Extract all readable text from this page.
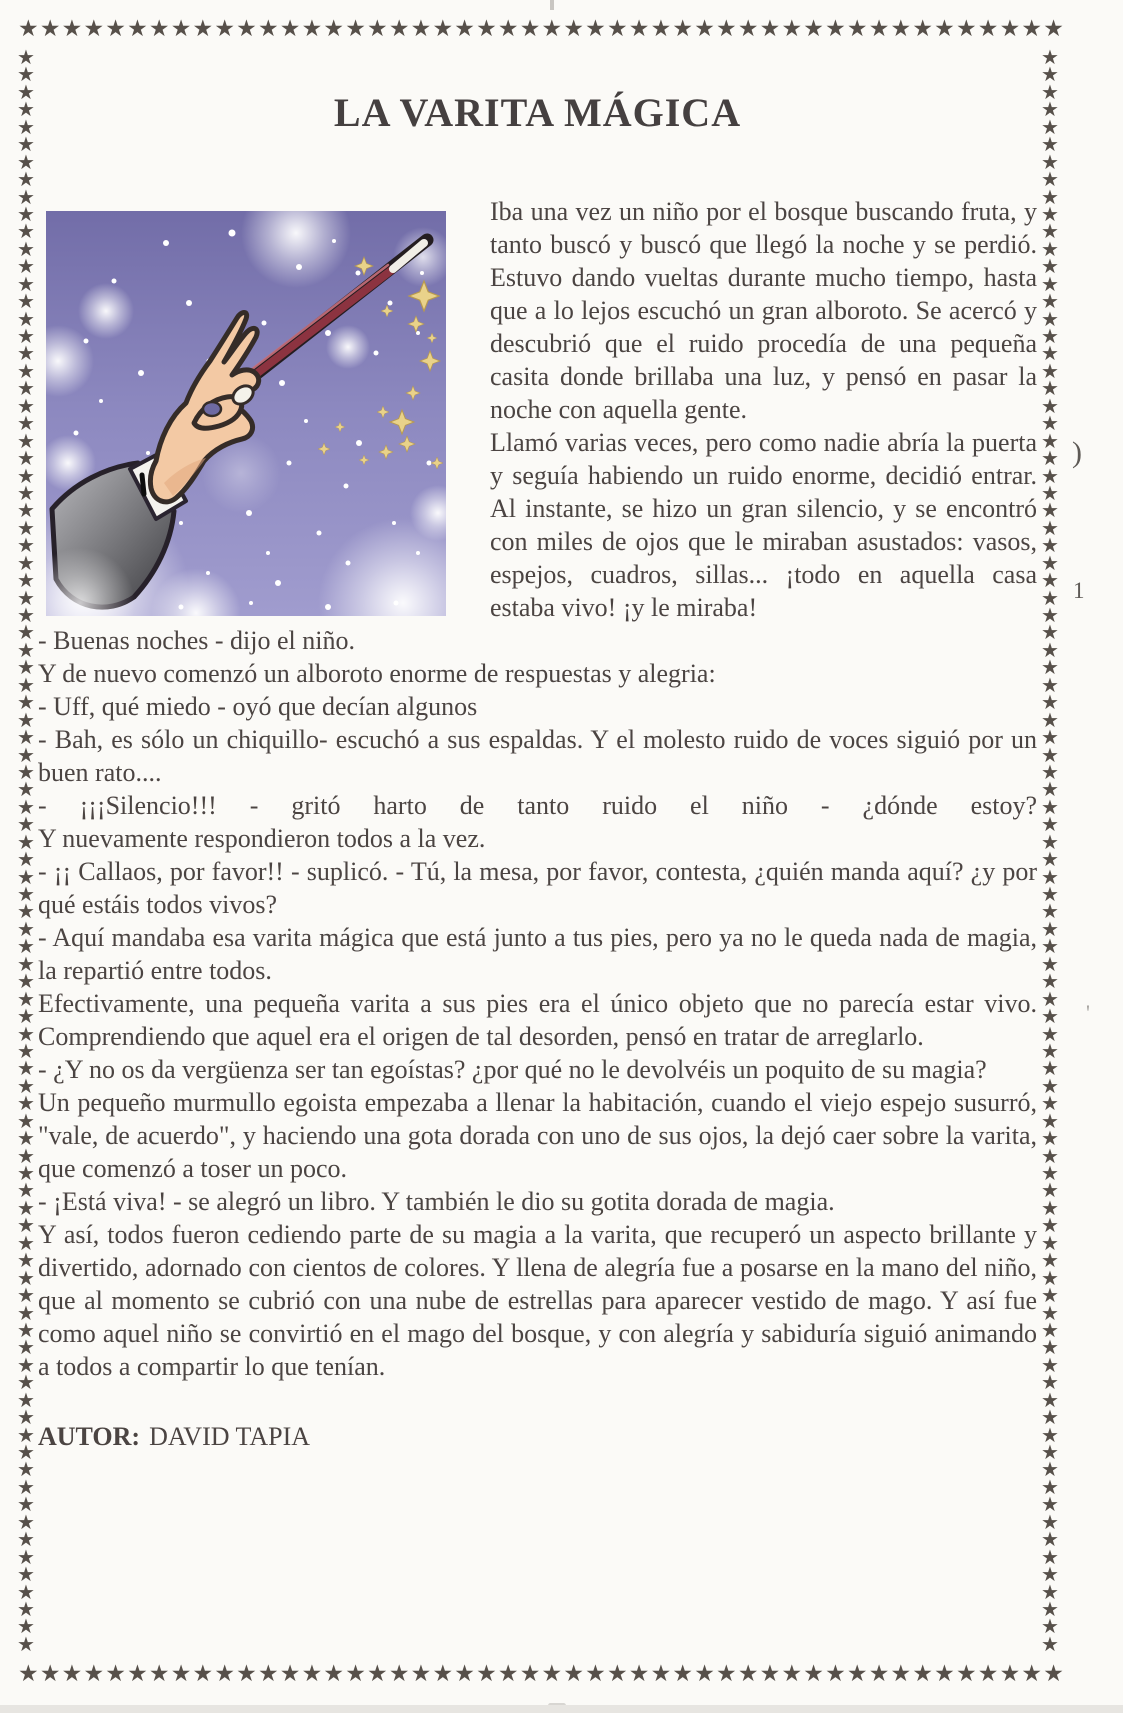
★ ★ ★ ★ ★ ★ ★ ★ ★ ★ ★ ★ ★ ★ ★ ★ ★ ★ ★ ★ ★ ★ ★ ★ ★ ★ ★ ★ ★ ★ ★ ★ ★ ★ ★ ★ ★ ★ ★ ★ ★ ★ ★ ★ ★ ★ ★ ★
★ ★ ★ ★ ★ ★ ★ ★ ★ ★ ★ ★ ★ ★ ★ ★ ★ ★ ★ ★ ★ ★ ★ ★ ★ ★ ★ ★ ★ ★ ★ ★ ★ ★ ★ ★ ★ ★ ★ ★ ★ ★ ★ ★ ★ ★ ★ ★
★
★
★
★
★
★
★
★
★
★
★
★
★
★
★
★
★
★
★
★
★
★
★
★
★
★
★
★
★
★
★
★
★
★
★
★
★
★
★
★
★
★
★
★
★
★
★
★
★
★
★
★
★
★
★
★
★
★
★
★
★
★
★
★
★
★
★
★
★
★
★
★
★
★
★
★
★
★
★
★
★
★
★
★
★
★
★
★
★
★
★
★
★
★
★
★
★
★
★
★
★
★
★
★
★
★
★
★
★
★
★
★
★
★
★
★
★
★
★
★
★
★
★
★
★
★
★
★
★
★
★
★
★
★
★
★
★
★
★
★
★
★
★
★
★
★
★
★
★
★
★
★
★
★
★
★
★
★
★
★
★
★
★
★
★
★
★
★
★
★
★
★
★
★
★
★
★
★
★
★
★
★
★
★
LA VARITA MÁGICA

Iba una vez un niño por el bosque buscando fruta, y tanto buscó y buscó que llegó la noche y se perdió. Estuvo dando vueltas durante mucho tiempo, hasta que a lo lejos escuchó un gran alboroto. Se acercó y descubrió que el ruido procedía de una pequeña casita donde brillaba una luz, y pensó en pasar la noche con aquella gente.

Llamó varias veces, pero como nadie abría la puerta y seguía habiendo un ruido enorme, decidió entrar. Al instante, se hizo un gran silencio, y se encontró con miles de ojos que le miraban asustados: vasos, espejos, cuadros, sillas... ¡todo en aquella casa estaba vivo! ¡y le miraba!

- Buenas noches - dijo el niño.

Y de nuevo comenzó un alboroto enorme de respuestas y alegria:

- Uff, qué miedo - oyó que decían algunos

- Bah, es sólo un chiquillo- escuchó a sus espaldas. Y el molesto ruido de voces siguió por un buen rato....

- ¡¡¡Silencio!!! - gritó harto de tanto ruido el niño - ¿dónde estoy?

Y nuevamente respondieron todos a la vez.

- ¡¡ Callaos, por favor!! - suplicó. - Tú, la mesa, por favor, contesta, ¿quién manda aquí? ¿y por qué estáis todos vivos?

- Aquí mandaba esa varita mágica que está junto a tus pies, pero ya no le queda nada de magia, la repartió entre todos.

Efectivamente, una pequeña varita a sus pies era el único objeto que no parecía estar vivo. Comprendiendo que aquel era el origen de tal desorden, pensó en tratar de arreglarlo.

- ¿Y no os da vergüenza ser tan egoístas? ¿por qué no le devolvéis un poquito de su magia?

Un pequeño murmullo egoista empezaba a llenar la habitación, cuando el viejo espejo susurró, "vale, de acuerdo", y haciendo una gota dorada con uno de sus ojos, la dejó caer sobre la varita, que comenzó a toser un poco.

- ¡Está viva! - se alegró un libro. Y también le dio su gotita dorada de magia.

Y así, todos fueron cediendo parte de su magia a la varita, que recuperó un aspecto brillante y divertido, adornado con cientos de colores. Y llena de alegría fue a posarse en la mano del niño, que al momento se cubrió con una nube de estrellas para aparecer vestido de mago. Y así fue como aquel niño se convirtió en el mago del bosque, y con alegría y sabiduría siguió animando a todos a compartir lo que tenían.

AUTOR: DAVID TAPIA

)
1
'
